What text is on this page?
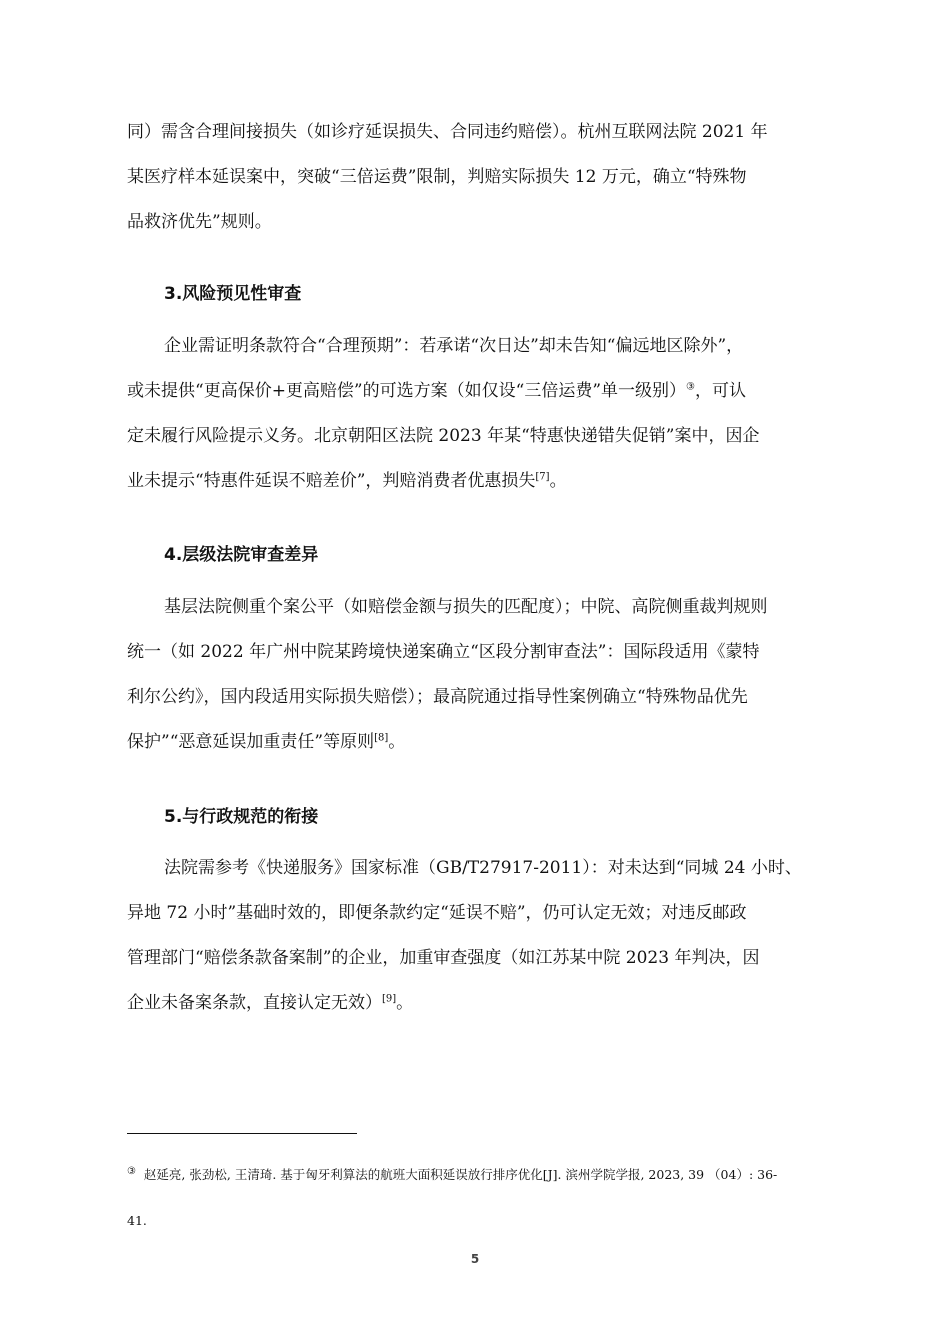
同）需含合理间接损失（如诊疗延误损失、合同违约赔偿）。杭州互联网法院 2021 年
某医疗样本延误案中，突破“三倍运费”限制，判赔实际损失 12 万元，确立“特殊物
品救济优先”规则。

3.风险预见性审查

企业需证明条款符合“合理预期”：若承诺“次日达”却未告知“偏远地区除外”，
或未提供“更高保价+更高赔偿”的可选方案（如仅设“三倍运费”单一级别）③，可认
定未履行风险提示义务。北京朝阳区法院 2023 年某“特惠快递错失促销”案中，因企
业未提示“特惠件延误不赔差价”，判赔消费者优惠损失[7]。

4.层级法院审查差异

基层法院侧重个案公平（如赔偿金额与损失的匹配度）；中院、高院侧重裁判规则
统一（如 2022 年广州中院某跨境快递案确立“区段分割审查法”：国际段适用《蒙特
利尔公约》，国内段适用实际损失赔偿）；最高院通过指导性案例确立“特殊物品优先
保护”“恶意延误加重责任”等原则[8]。

5.与行政规范的衔接

法院需参考《快递服务》国家标准（GB/T27917-2011）：对未达到“同城 24 小时、
异地 72 小时”基础时效的，即便条款约定“延误不赔”，仍可认定无效；对违反邮政
管理部门“赔偿条款备案制”的企业，加重审查强度（如江苏某中院 2023 年判决，因
企业未备案条款，直接认定无效）[9]。

③ 赵延亮, 张劲松, 王清琦. 基于匈牙利算法的航班大面积延误放行排序优化[J]. 滨州学院学报, 2023, 39 （04）: 36-
41.

5
